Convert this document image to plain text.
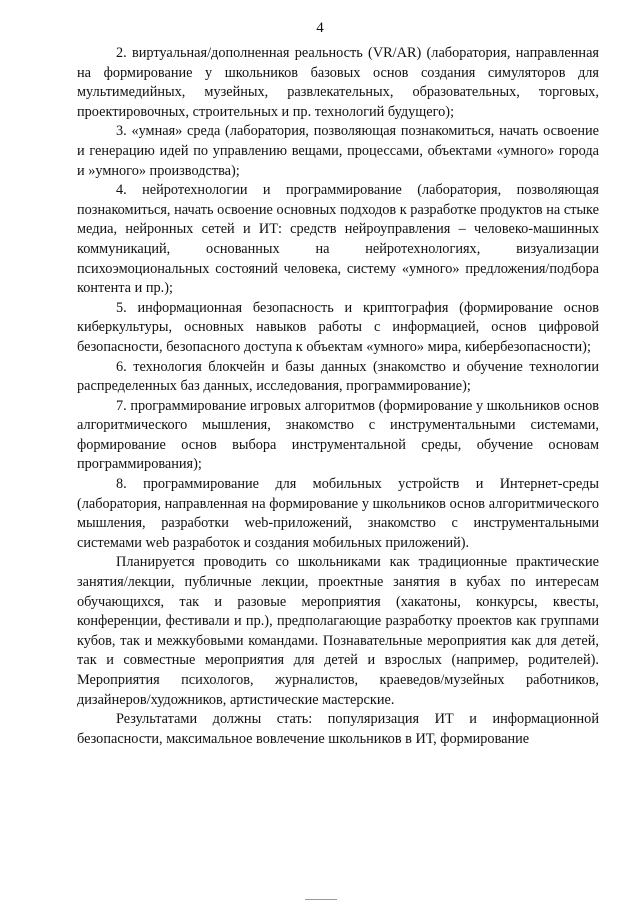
4

2. виртуальная/дополненная реальность (VR/AR) (лаборатория, направленная на формирование у школьников базовых основ создания симуляторов для мультимедийных, музейных, развлекательных, образовательных, торговых, проектировочных, строительных и пр. технологий будущего);

3. «умная» среда (лаборатория, позволяющая познакомиться, начать освоение и генерацию идей по управлению вещами, процессами, объектами «умного» города и »умного» производства);

4. нейротехнологии и программирование (лаборатория, позволяющая познакомиться, начать освоение основных подходов к разработке продуктов на стыке медиа, нейронных сетей и ИТ: средств нейроуправления – человеко-машинных коммуникаций, основанных на нейротехнологиях, визуализации психоэмоциональных состояний человека, систему «умного» предложения/подбора контента и пр.);

5. информационная безопасность и криптография (формирование основ киберкультуры, основных навыков работы с информацией, основ цифровой безопасности, безопасного доступа к объектам «умного» мира, кибербезопасности);

6. технология блокчейн и базы данных (знакомство и обучение технологии распределенных баз данных, исследования, программирование);

7. программирование игровых алгоритмов (формирование у школьников основ алгоритмического мышления, знакомство с инструментальными системами, формирование основ выбора инструментальной среды, обучение основам программирования);

8. программирование для мобильных устройств и Интернет-среды (лаборатория, направленная на формирование у школьников основ алгоритмического мышления, разработки web-приложений, знакомство с инструментальными системами web разработок и создания мобильных приложений).

Планируется проводить со школьниками как традиционные практические занятия/лекции, публичные лекции, проектные занятия в кубах по интересам обучающихся, так и разовые мероприятия (хакатоны, конкурсы, квесты, конференции, фестивали и пр.), предполагающие разработку проектов как группами кубов, так и межкубовыми командами. Познавательные мероприятия как для детей, так и совместные мероприятия для детей и взрослых (например, родителей). Мероприятия психологов, журналистов, краеведов/музейных работников, дизайнеров/художников, артистические мастерские.

Результатами должны стать: популяризация ИТ и информационной безопасности, максимальное вовлечение школьников в ИТ, формирование
